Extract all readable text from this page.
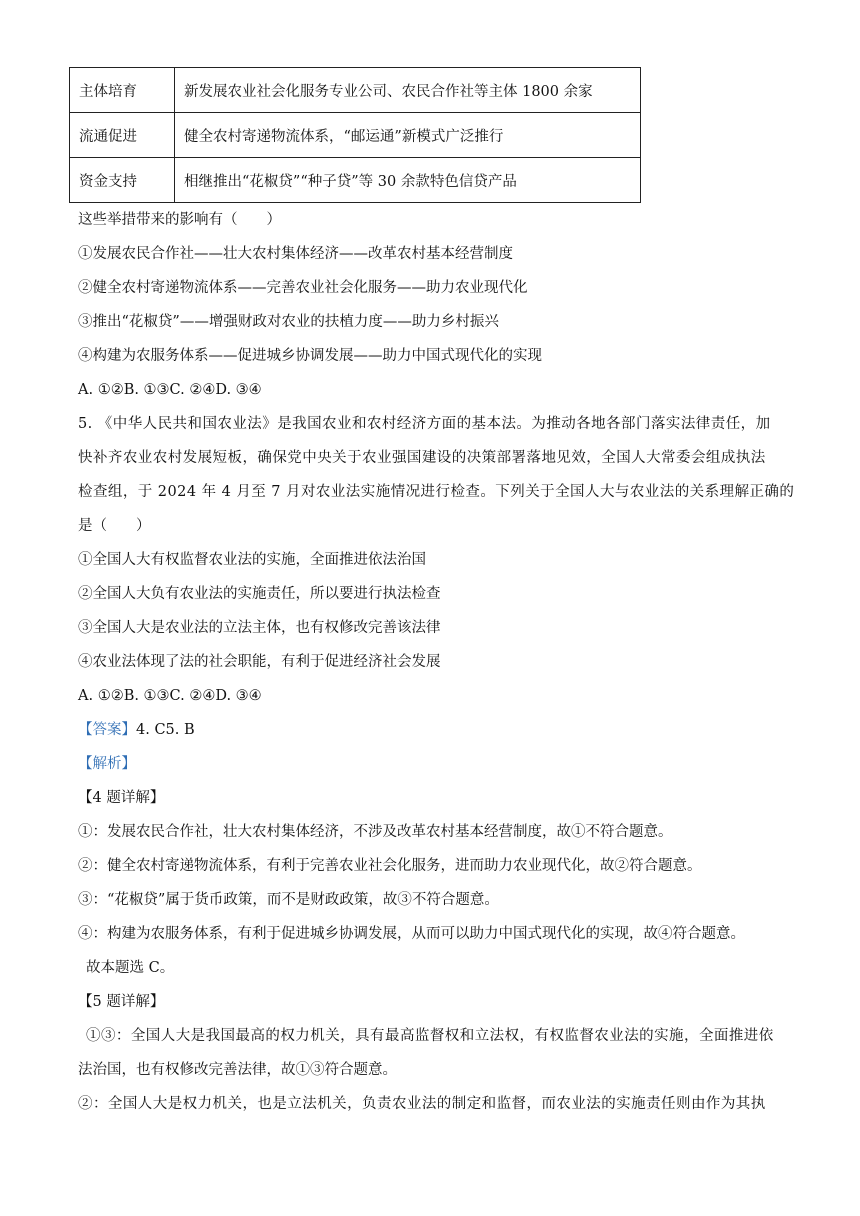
主体培育	新发展农业社会化服务专业公司、农民合作社等主体 1800 余家
流通促进	健全农村寄递物流体系，“邮运通”新模式广泛推行
资金支持	相继推出“花椒贷”“种子贷”等 30 余款特色信贷产品
这些举措带来的影响有（　　）
①发展农民合作社——壮大农村集体经济——改革农村基本经营制度
②健全农村寄递物流体系——完善农业社会化服务——助力农业现代化
③推出“花椒贷”——增强财政对农业的扶植力度——助力乡村振兴
④构建为农服务体系——促进城乡协调发展——助力中国式现代化的实现
A. ①②B. ①③C. ②④D. ③④
5. 《中华人民共和国农业法》是我国农业和农村经济方面的基本法。为推动各地各部门落实法律责任，加
快补齐农业农村发展短板，确保党中央关于农业强国建设的决策部署落地见效，全国人大常委会组成执法
检查组，于 2024 年 4 月至 7 月对农业法实施情况进行检查。下列关于全国人大与农业法的关系理解正确的
是（　　）
①全国人大有权监督农业法的实施，全面推进依法治国
②全国人大负有农业法的实施责任，所以要进行执法检查
③全国人大是农业法的立法主体，也有权修改完善该法律
④农业法体现了法的社会职能，有利于促进经济社会发展
A. ①②B. ①③C. ②④D. ③④
【答案】4. C5. B
【解析】
【4 题详解】
①：发展农民合作社，壮大农村集体经济，不涉及改革农村基本经营制度，故①不符合题意。
②：健全农村寄递物流体系，有利于完善农业社会化服务，进而助力农业现代化，故②符合题意。
③：“花椒贷”属于货币政策，而不是财政政策，故③不符合题意。
④：构建为农服务体系，有利于促进城乡协调发展，从而可以助力中国式现代化的实现，故④符合题意。
故本题选 C。
【5 题详解】
①③：全国人大是我国最高的权力机关，具有最高监督权和立法权，有权监督农业法的实施，全面推进依
法治国，也有权修改完善法律，故①③符合题意。
②：全国人大是权力机关，也是立法机关，负责农业法的制定和监督，而农业法的实施责任则由作为其执
